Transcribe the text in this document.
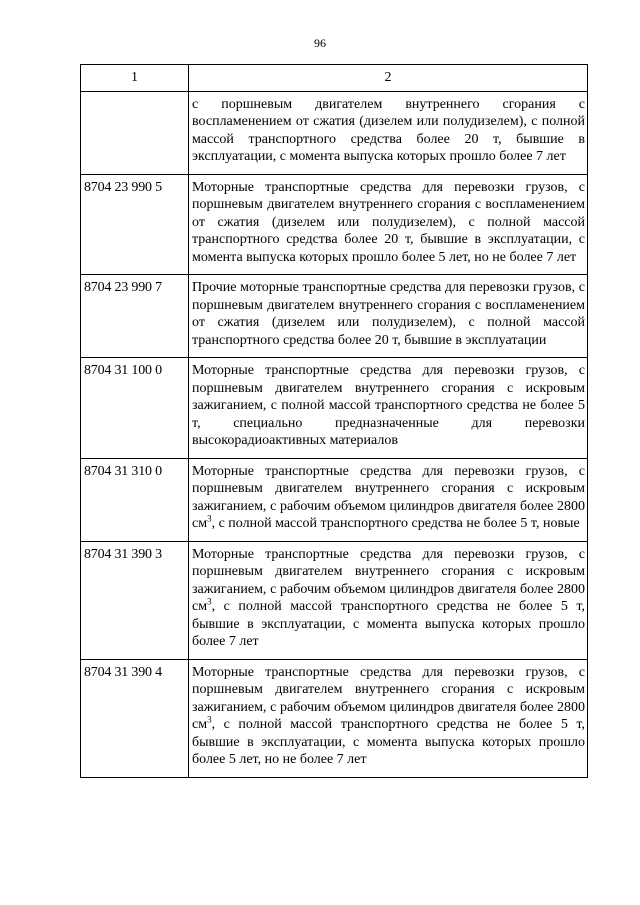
96
1	2
	с поршневым двигателем внутреннего сгорания с воспламенением от сжатия (дизелем или полудизелем), с полной массой транспортного средства более 20 т, бывшие в эксплуатации, с момента выпуска которых прошло более 7 лет
8704 23 990 5	Моторные транспортные средства для перевозки грузов, с поршневым двигателем внутреннего сгорания с воспламенением от сжатия (дизелем или полудизелем), с полной массой транспортного средства более 20 т, бывшие в эксплуатации, с момента выпуска которых прошло более 5 лет, но не более 7 лет
8704 23 990 7	Прочие моторные транспортные средства для перевозки грузов, с поршневым двигателем внутреннего сгорания с воспламенением от сжатия (дизелем или полудизелем), с полной массой транспортного средства более 20 т, бывшие в эксплуатации
8704 31 100 0	Моторные транспортные средства для перевозки грузов, с поршневым двигателем внутреннего сгорания с искровым зажиганием, с полной массой транспортного средства не более 5 т, специально предназначенные для перевозки высокорадиоактивных материалов
8704 31 310 0	Моторные транспортные средства для перевозки грузов, с поршневым двигателем внутреннего сгорания с искровым зажиганием, с рабочим объемом цилиндров двигателя более 2800 $см^3$, с полной массой транспортного средства не более 5 т, новые
8704 31 390 3	Моторные транспортные средства для перевозки грузов, с поршневым двигателем внутреннего сгорания с искровым зажиганием, с рабочим объемом цилиндров двигателя более 2800 $см^3$, с полной массой транспортного средства не более 5 т, бывшие в эксплуатации, с момента выпуска которых прошло более 7 лет
8704 31 390 4	Моторные транспортные средства для перевозки грузов, с поршневым двигателем внутреннего сгорания с искровым зажиганием, с рабочим объемом цилиндров двигателя более 2800 $см^3$, с полной массой транспортного средства не более 5 т, бывшие в эксплуатации, с момента выпуска которых прошло более 5 лет, но не более 7 лет
